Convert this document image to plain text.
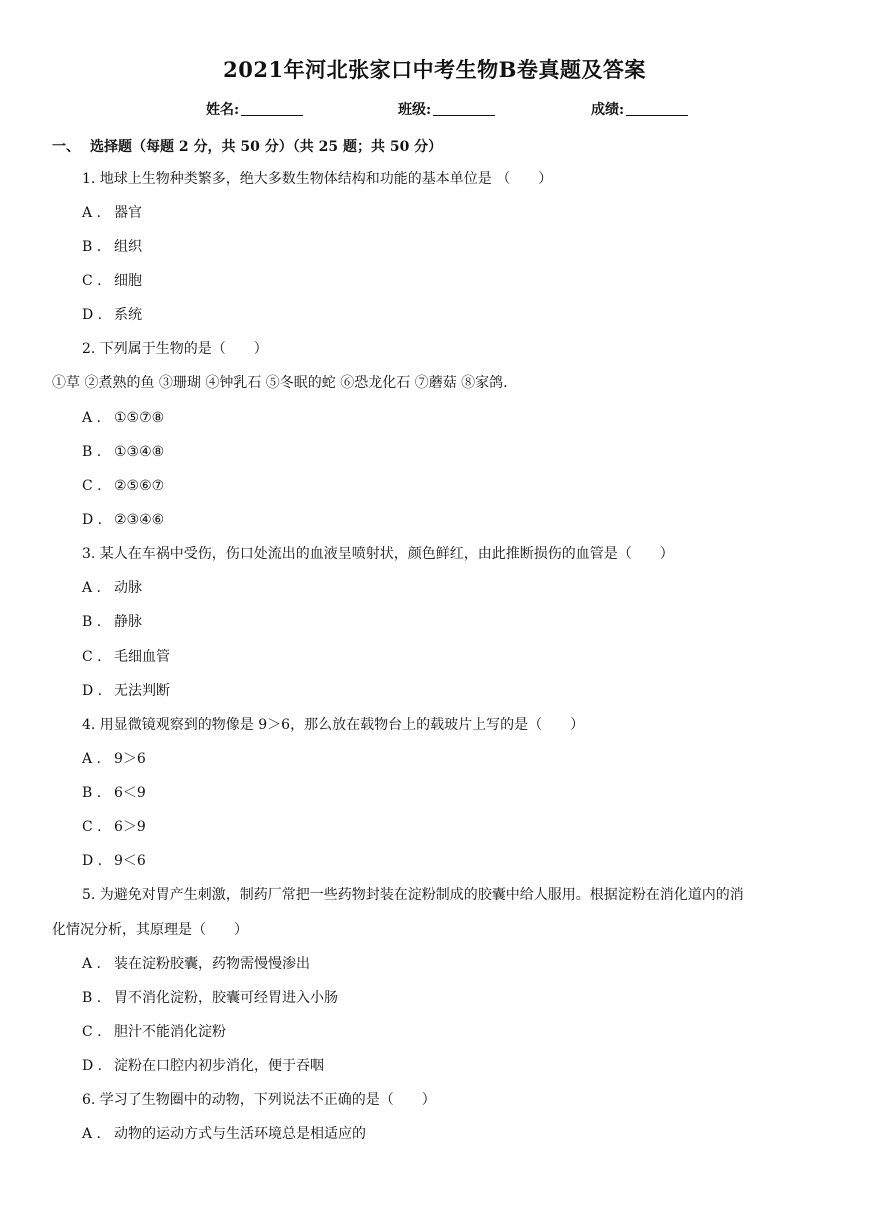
2021年河北张家口中考生物B卷真题及答案
姓名:	班级:	成绩:
一、 选择题（每题 2 分，共 50 分）（共 25 题；共 50 分）
1. 地球上生物种类繁多，绝大多数生物体结构和功能的基本单位是 （　　）
A . 器官
B . 组织
C . 细胞
D . 系统
2. 下列属于生物的是（　　）
①草 ②煮熟的鱼 ③珊瑚 ④钟乳石 ⑤冬眠的蛇 ⑥恐龙化石 ⑦蘑菇 ⑧家鸽.
A . ①⑤⑦⑧
B . ①③④⑧
C . ②⑤⑥⑦
D . ②③④⑥
3. 某人在车祸中受伤，伤口处流出的血液呈喷射状，颜色鲜红，由此推断损伤的血管是（　　）
A . 动脉
B . 静脉
C . 毛细血管
D . 无法判断
4. 用显微镜观察到的物像是 9＞6，那么放在载物台上的载玻片上写的是（　　）
A . 9＞6
B . 6＜9
C . 6＞9
D . 9＜6
5. 为避免对胃产生刺激，制药厂常把一些药物封装在淀粉制成的胶囊中给人服用。根据淀粉在消化道内的消
化情况分析，其原理是（　　）
A . 装在淀粉胶囊，药物需慢慢渗出
B . 胃不消化淀粉，胶囊可经胃进入小肠
C . 胆汁不能消化淀粉
D . 淀粉在口腔内初步消化，便于吞咽
6. 学习了生物圈中的动物，下列说法不正确的是（　　）
A . 动物的运动方式与生活环境总是相适应的
